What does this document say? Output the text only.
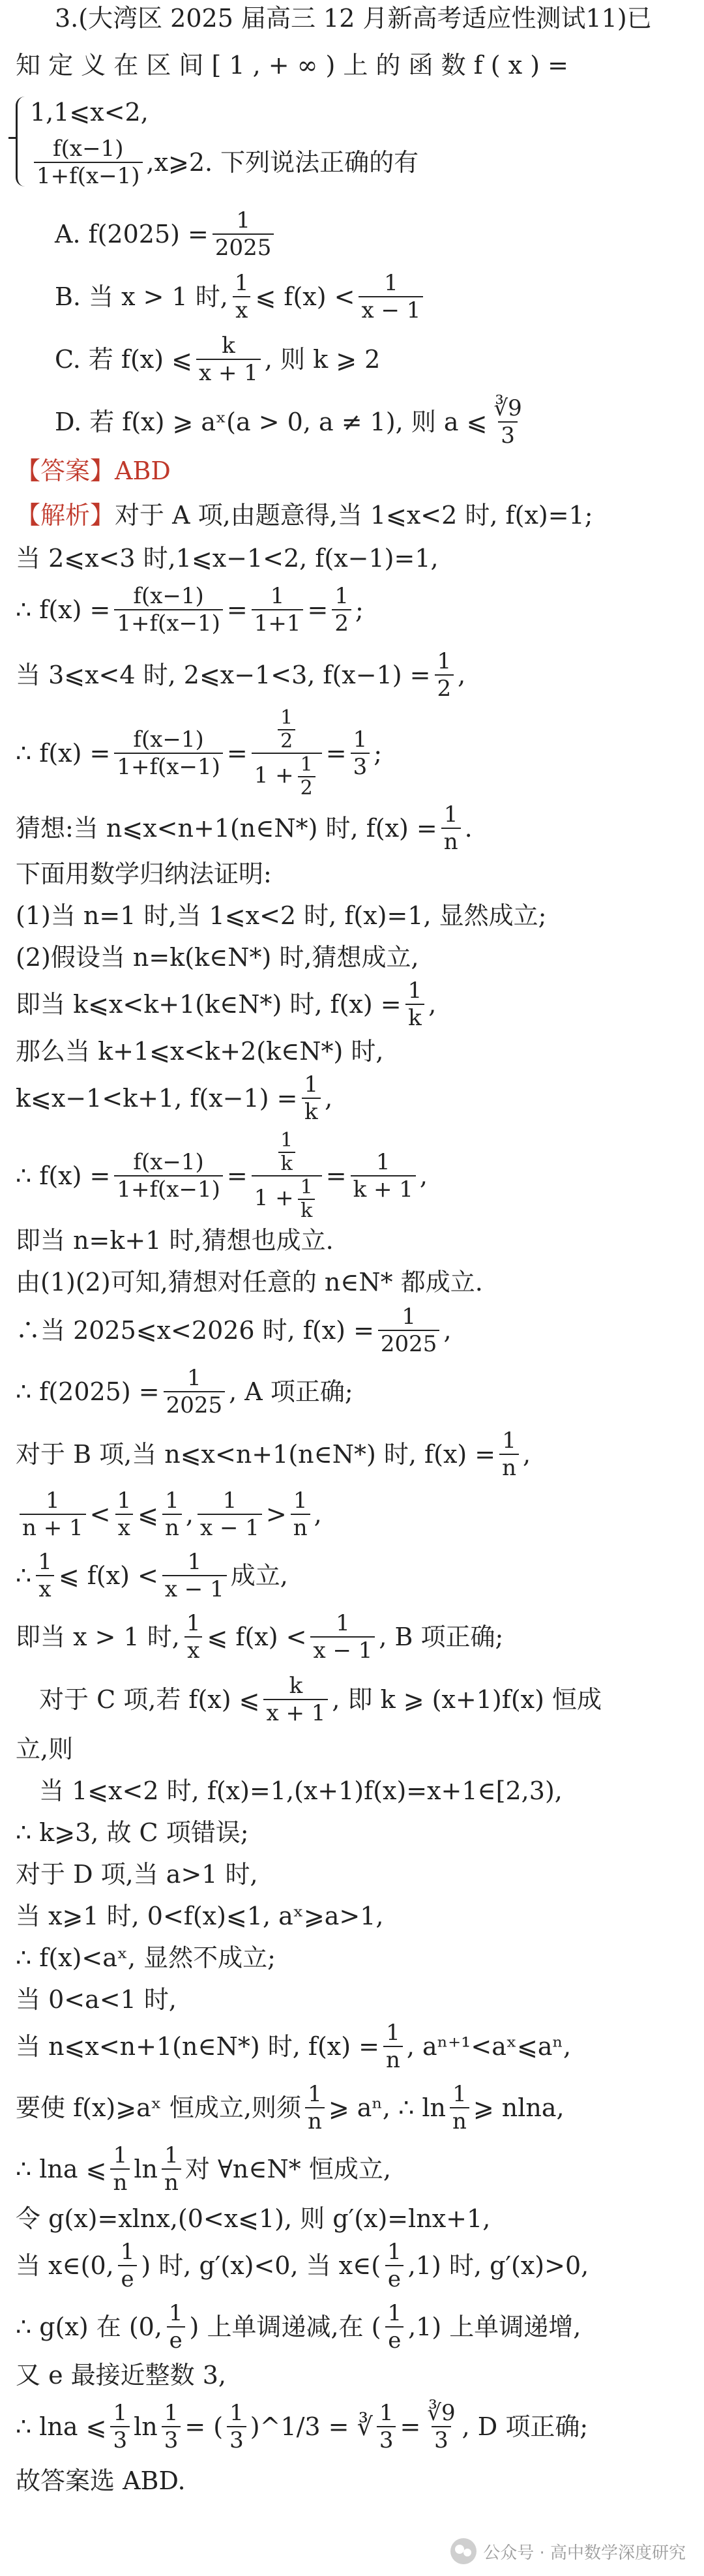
3.(大湾区 2025 届高三 12 月新高考适应性测试11)已
知 定 义 在 区 间 [ 1 , + ∞ ) 上 的 函 数 f ( x ) =
1,1⩽x<2,
$\frac{f(x-1)}{1+f(x-1)}$ ,x⩾2. 下列说法正确的有
A. $f(2025) = \frac{1}{2025}$
B. 当 x > 1 时, $\frac{1}{x}$ ⩽ $f(x) < \frac{1}{x - 1}$
C. 若 f(x) ⩽ $\frac{k}{x + 1}$ , 则 k ⩾ 2
D. 若 f(x) ⩾ aˣ(a > 0, a ≠ 1), 则 a ⩽ $\frac{∛9}{3}$
【答案】 ABD
【解析】 对于 A 项,由题意得,当 1⩽x<2 时, f(x)=1;
当 2⩽x<3 时,1⩽x−1<2, f(x−1)=1,
∴ $f(x) = \frac{f(x-1)}{1+f(x-1)} = \frac{1}{1+1} = \frac{1}{2}$ ;
当 3⩽x<4 时, 2⩽x−1<3, $f(x-1) = \frac{1}{2}$ ,
∴ $f(x) = \frac{f(x-1)}{1+f(x-1)} = \frac{\frac{1}{2}}{1 + \frac{1}{2}} = \frac{1}{3}$ ;
猜想:当 n⩽x<n+1(n∈N*) 时, $f(x) = \frac{1}{n}$ .
下面用数学归纳法证明:
(1)当 n=1 时,当 1⩽x<2 时, f(x)=1, 显然成立;
(2)假设当 n=k(k∈N*) 时,猜想成立,
即当 k⩽x<k+1(k∈N*) 时, $f(x) = \frac{1}{k}$ ,
那么当 k+1⩽x<k+2(k∈N*) 时,
k⩽x−1<k+1, $f(x-1) = \frac{1}{k}$ ,
∴ $f(x) = \frac{f(x-1)}{1+f(x-1)} = \frac{\frac{1}{k}}{1 + \frac{1}{k}} = \frac{1}{k + 1}$ ,
即当 n=k+1 时,猜想也成立.
由(1)(2)可知,猜想对任意的 n∈N* 都成立.
∴当 2025⩽x<2026 时, $f(x) = \frac{1}{2025}$ ,
∴ $f(2025) = \frac{1}{2025}$ , A 项正确;
对于 B 项,当 n⩽x<n+1(n∈N*) 时, $f(x) = \frac{1}{n}$ ,
$\frac{1}{n + 1} < \frac{1}{x}$ ⩽ $\frac{1}{n}$ , $\frac{1}{x - 1} > \frac{1}{n}$ ,
∴ $\frac{1}{x}$ ⩽ $f(x) < \frac{1}{x - 1}$ 成立,
即当 x > 1 时, $\frac{1}{x}$ ⩽ $f(x) < \frac{1}{x - 1}$ , B 项正确;
对于 C 项,若 f(x) ⩽ $\frac{k}{x + 1}$ , 即 k ⩾ (x+1)f(x) 恒成
立,则
当 1⩽x<2 时, f(x)=1,(x+1)f(x)=x+1∈[2,3),
∴ k⩾3, 故 C 项错误;
对于 D 项,当 a>1 时,
当 x⩾1 时, 0<f(x)⩽1, aˣ⩾a>1,
∴ f(x)<aˣ, 显然不成立;
当 0<a<1 时,
当 n⩽x<n+1(n∈N*) 时, $f(x) = \frac{1}{n}$ , aⁿ⁺¹<aˣ⩽aⁿ,
要使 f(x)⩾aˣ 恒成立,则须 $\frac{1}{n}$ ⩾ aⁿ, ∴ $\ln \frac{1}{n}$ ⩾ nlna,
∴ lna ⩽ $\frac{1}{n}$ $\ln \frac{1}{n}$ 对 ∀n∈N* 恒成立,
令 g(x)=xlnx,(0<x⩽1), 则 g′(x)=lnx+1,
当 x∈(0, $\frac{1}{e}$ ) 时, g′(x)<0, 当 x∈( $\frac{1}{e} ,1$) 时, g′(x)>0,
∴ g(x) 在 (0, $\frac{1}{e}$ ) 上单调递减,在 ( $\frac{1}{e} ,1$) 上单调递增,
又 e 最接近整数 3,
∴ lna ⩽ $\frac{1}{3}$ $\ln \frac{1}{3}$ = ( $\frac{1}{3}$ )^1/3 = ∛ $\frac{1}{3} = \frac{∛9}{3}$ , D 项正确;
故答案选 ABD.
公众号 · 高中数学深度研究
